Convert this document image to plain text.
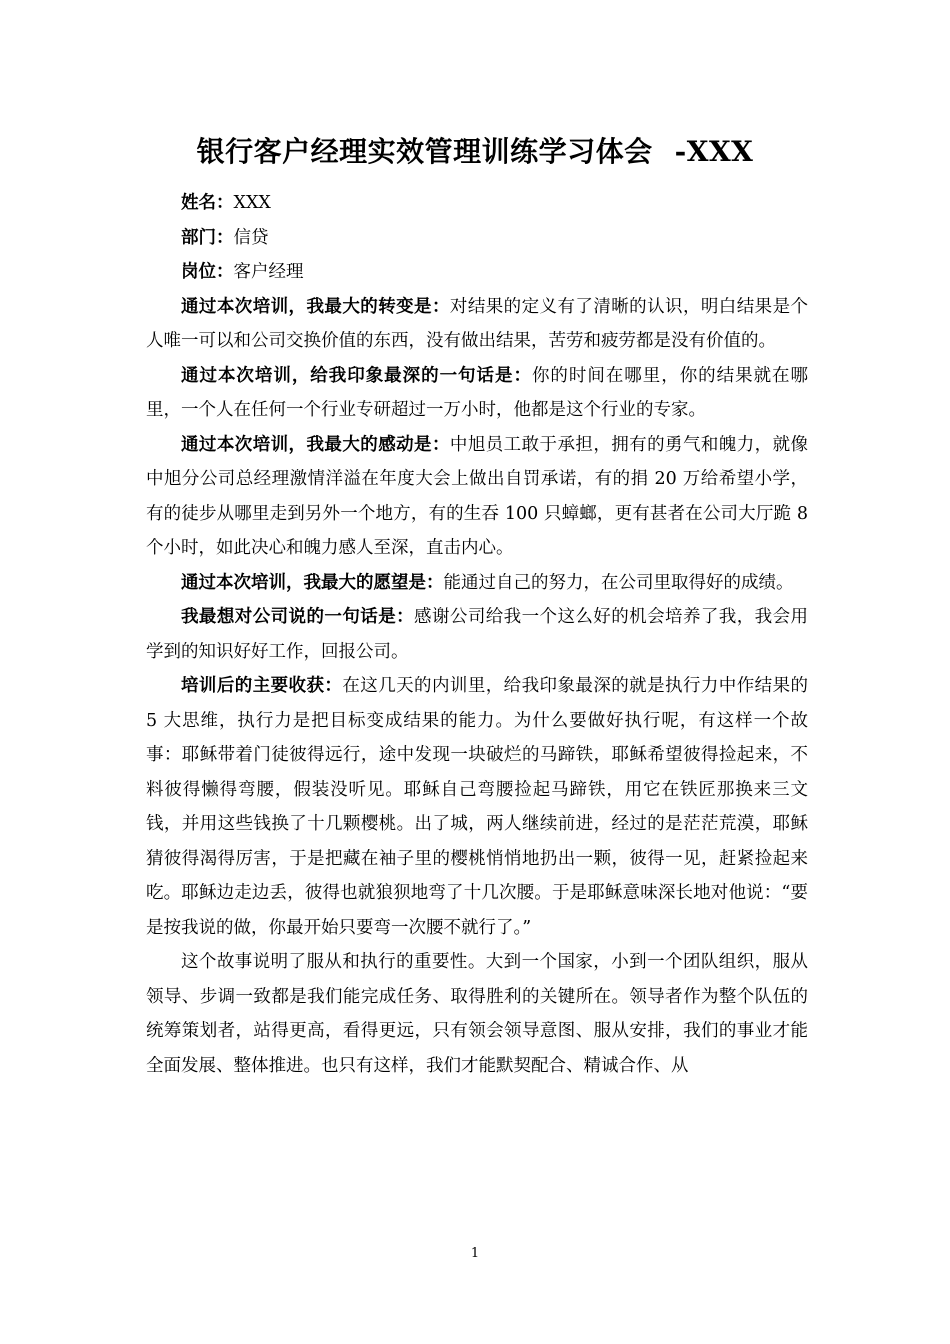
银行客户经理实效管理训练学习体会 -XXX

姓名：XXX

部门：信贷

岗位：客户经理

通过本次培训，我最大的转变是：对结果的定义有了清晰的认识，明白结果是个人唯一可以和公司交换价值的东西，没有做出结果，苦劳和疲劳都是没有价值的。

通过本次培训，给我印象最深的一句话是：你的时间在哪里，你的结果就在哪里，一个人在任何一个行业专研超过一万小时，他都是这个行业的专家。

通过本次培训，我最大的感动是：中旭员工敢于承担，拥有的勇气和魄力，就像中旭分公司总经理激情洋溢在年度大会上做出自罚承诺，有的捐 20 万给希望小学，有的徒步从哪里走到另外一个地方，有的生吞 100 只蟑螂，更有甚者在公司大厅跪 8 个小时，如此决心和魄力感人至深，直击内心。

通过本次培训，我最大的愿望是：能通过自己的努力，在公司里取得好的成绩。

我最想对公司说的一句话是：感谢公司给我一个这么好的机会培养了我，我会用学到的知识好好工作，回报公司。

培训后的主要收获：在这几天的内训里，给我印象最深的就是执行力中作结果的 5 大思维，执行力是把目标变成结果的能力。为什么要做好执行呢，有这样一个故事：耶稣带着门徒彼得远行，途中发现一块破烂的马蹄铁，耶稣希望彼得捡起来，不料彼得懒得弯腰，假装没听见。耶稣自己弯腰捡起马蹄铁，用它在铁匠那换来三文钱，并用这些钱换了十几颗樱桃。出了城，两人继续前进，经过的是茫茫荒漠，耶稣猜彼得渴得厉害，于是把藏在袖子里的樱桃悄悄地扔出一颗，彼得一见，赶紧捡起来吃。耶稣边走边丢，彼得也就狼狈地弯了十几次腰。于是耶稣意味深长地对他说：“要是按我说的做，你最开始只要弯一次腰不就行了。”

这个故事说明了服从和执行的重要性。大到一个国家，小到一个团队组织，服从领导、步调一致都是我们能完成任务、取得胜利的关键所在。领导者作为整个队伍的统筹策划者，站得更高，看得更远，只有领会领导意图、服从安排，我们的事业才能全面发展、整体推进。也只有这样，我们才能默契配合、精诚合作、从

1
